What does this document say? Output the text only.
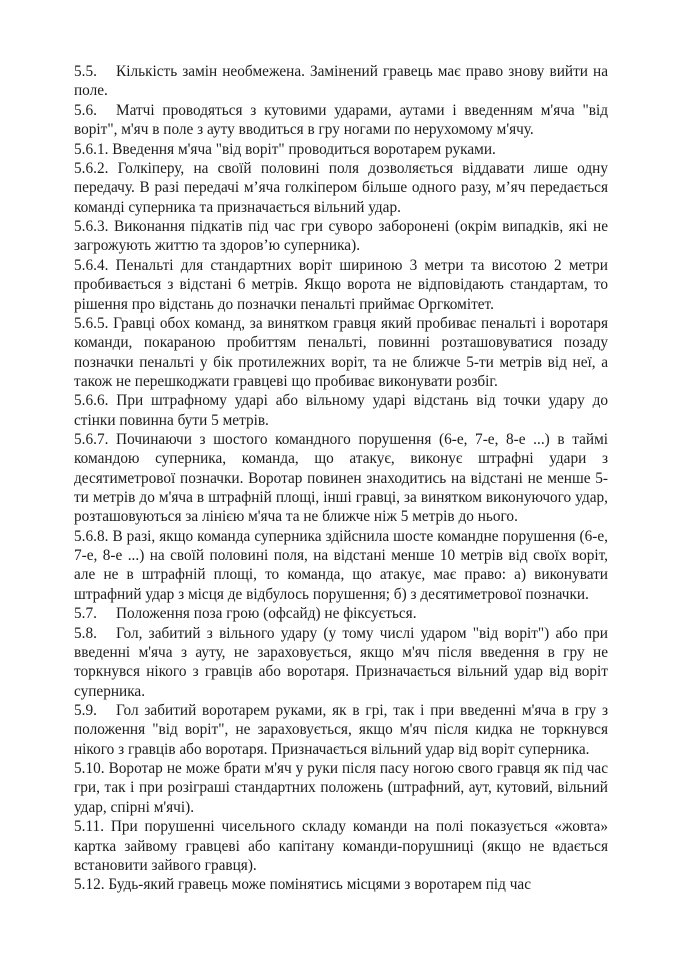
5.5. Кількість замін необмежена. Замінений гравець має право знову вийти на поле.

5.6. Матчі проводяться з кутовими ударами, аутами і введенням м'яча "від воріт", м'яч в поле з ауту вводиться в гру ногами по нерухомому м'ячу.

5.6.1. Введення м'яча "від воріт" проводиться воротарем руками.

5.6.2. Голкіперу, на своїй половині поля дозволяється віддавати лише одну передачу. В разі передачі м’яча голкіпером більше одного разу, м’яч передається команді суперника та призначається вільний удар.

5.6.3. Виконання підкатів під час гри суворо заборонені (окрім випадків, які не загрожують життю та здоров’ю суперника).

5.6.4. Пенальті для стандартних воріт шириною 3 метри та висотою 2 метри пробивається з відстані 6 метрів. Якщо ворота не відповідають стандартам, то рішення про відстань до позначки пенальті приймає Оргкомітет.

5.6.5. Гравці обох команд, за винятком гравця який пробиває пенальті і воротаря команди, покараною пробиттям пенальті, повинні розташовуватися позаду позначки пенальті у бік протилежних воріт, та не ближче 5-ти метрів від неї, а також не перешкоджати гравцеві що пробиває виконувати розбіг.

5.6.6. При штрафному ударі або вільному ударі відстань від точки удару до стінки повинна бути 5 метрів.

5.6.7. Починаючи з шостого командного порушення (6-е, 7-е, 8-е ...) в таймі командою суперника, команда, що атакує, виконує штрафні удари з десятиметрової позначки. Воротар повинен знаходитись на відстані не менше 5-ти метрів до м'яча в штрафній площі, інші гравці, за винятком виконуючого удар, розташовуються за лінією м'яча та не ближче ніж 5 метрів до нього.

5.6.8. В разі, якщо команда суперника здійснила шосте командне порушення (6-е, 7-е, 8-е ...) на своїй половині поля, на відстані менше 10 метрів від своїх воріт, але не в штрафній площі, то команда, що атакує, має право: а) виконувати штрафний удар з місця де відбулось порушення; б) з десятиметрової позначки.

5.7. Положення поза грою (офсайд) не фіксується.

5.8. Гол, забитий з вільного удару (у тому числі ударом "від воріт") або при введенні м'яча з ауту, не зараховується, якщо м'яч після введення в гру не торкнувся нікого з гравців або воротаря. Призначається вільний удар від воріт суперника.

5.9. Гол забитий воротарем руками, як в грі, так і при введенні м'яча в гру з положення "від воріт", не зараховується, якщо м'яч після кидка не торкнувся нікого з гравців або воротаря. Призначається вільний удар від воріт суперника.

5.10. Воротар не може брати м'яч у руки після пасу ногою свого гравця як під час гри, так і при розігpаші стандартних положень (штрафний, аут, кутовий, вільний удар, спірні м'ячі).

5.11. При порушенні чисельного складу команди на полі показується «жовта» картка зайвому гравцеві або капітану команди-порушниці (якщо не вдається встановити зайвого гравця).

5.12. Будь-який гравець може помінятись місцями з воротарем під час
